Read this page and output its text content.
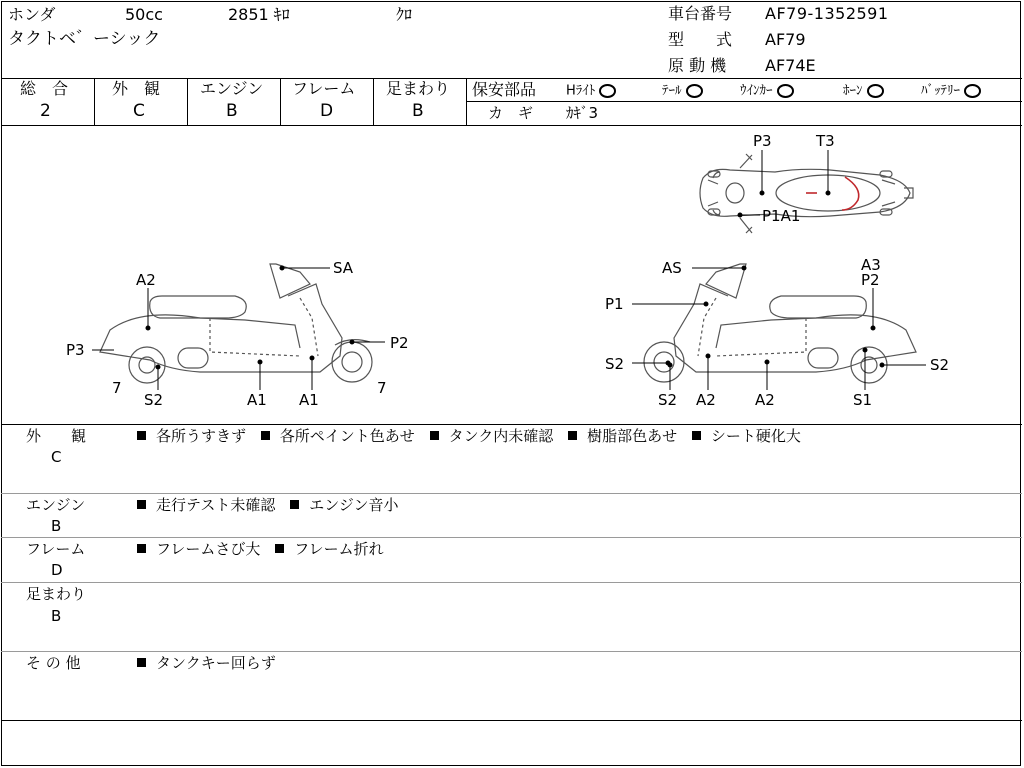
ホンダ	50cc	2851 ｷﾛ	ｸﾛ
タクトベ゛ーシック
車台番号 AF79-1352591
型　　式 AF79
原 動 機 AF74E
総　合
2
外　観
C
エンジン
B
フレーム
D
足まわり
B
保安部品 Hﾗｲﾄ	ﾃｰﾙ	ｳｲﾝｶｰ	ﾎｰﾝ	ﾊﾞｯﾃﾘｰ
カ　ギ ｶｷﾞ3
P3	T3
P1A1
SA
A2
P3	P2
7
S2	A1 A1
7
AS	A3
P2
P1
S2
S2 A2	A2	S1
S2
外　　観
C
各所うすきず 各所ペイント色あせ タンク内未確認 樹脂部色あせ シート硬化大
エンジン
B
走行テスト未確認 エンジン音小
フレーム
D
フレームさび大 フレーム折れ
足まわり
B
そ の 他	タンクキー回らず
